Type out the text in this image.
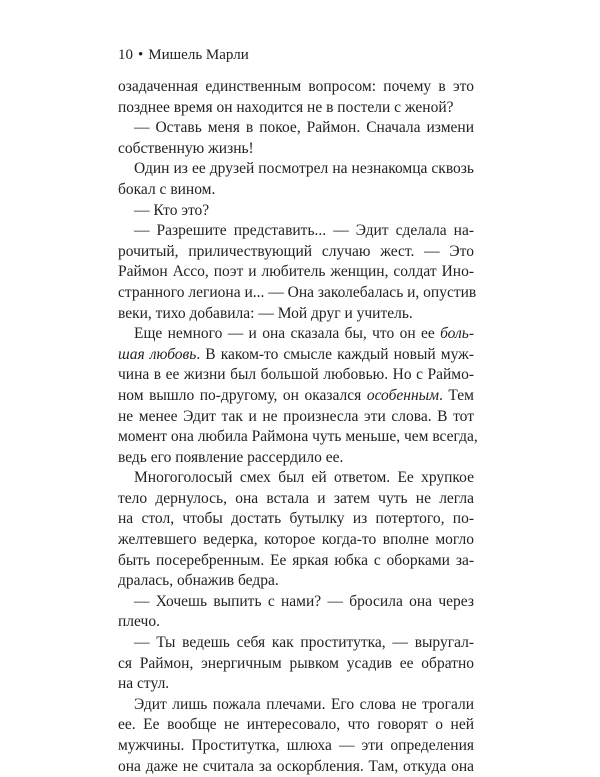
10 • Мишель Марли

озадаченная единственным вопросом: почему в это
позднее время он находится не в постели с женой?

— Оставь меня в покое, Раймон. Сначала измени
собственную жизнь!

Один из ее друзей посмотрел на незнакомца сквозь
бокал с вином.

— Кто это?

— Разрешите представить... — Эдит сделала на-
рочитый, приличествующий случаю жест. — Это
Раймон Ассо, поэт и любитель женщин, солдат Ино-
странного легиона и... — Она заколебалась и, опустив
веки, тихо добавила: — Мой друг и учитель.

Еще немного — и она сказала бы, что он ее боль-
шая любовь. В каком-то смысле каждый новый муж-
чина в ее жизни был большой любовью. Но с Раймо-
ном вышло по-другому, он оказался особенным. Тем
не менее Эдит так и не произнесла эти слова. В тот
момент она любила Раймона чуть меньше, чем всегда,
ведь его появление рассердило ее.

Многоголосый смех был ей ответом. Ее хрупкое
тело дернулось, она встала и затем чуть не легла
на стол, чтобы достать бутылку из потертого, по-
желтевшего ведерка, которое когда-то вполне могло
быть посеребренным. Ее яркая юбка с оборками за-
дралась, обнажив бедра.

— Хочешь выпить с нами? — бросила она через
плечо.

— Ты ведешь себя как проститутка, — выругал-
ся Раймон, энергичным рывком усадив ее обратно
на стул.

Эдит лишь пожала плечами. Его слова не трогали
ее. Ее вообще не интересовало, что говорят о ней
мужчины. Проститутка, шлюха — эти определения
она даже не считала за оскорбления. Там, откуда она
